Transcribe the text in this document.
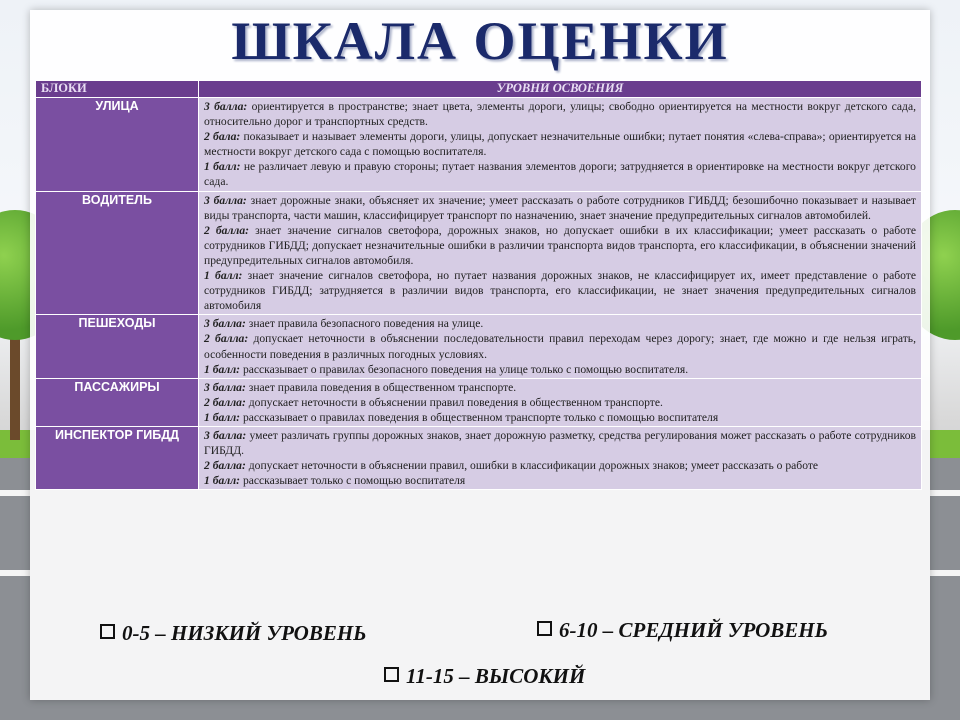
ШКАЛА ОЦЕНКИ
БЛОКИ	УРОВНИ ОСВОЕНИЯ
УЛИЦА	3 балла: ориентируется в пространстве; знает цвета, элементы дороги, улицы; свободно ориентируется на местности вокруг детского сада, относительно дорог и транспортных средств.
2 бала: показывает и называет элементы дороги, улицы, допускает незначительные ошибки; путает понятия «слева-справа»; ориентируется на местности вокруг детского сада с помощью воспитателя.
1 балл: не различает левую и правую стороны; путает названия элементов дороги; затрудняется в ориентировке на местности вокруг детского сада.

ВОДИТЕЛЬ	3 балла: знает дорожные знаки, объясняет их значение; умеет рассказать о работе сотрудников ГИБДД; безошибочно показывает и называет виды транспорта, части машин, классифицирует транспорт по назначению, знает значение предупредительных сигналов автомобилей.
2 балла: знает значение сигналов светофора, дорожных знаков, но допускает ошибки в их классификации; умеет рассказать о работе сотрудников ГИБДД; допускает незначительные ошибки в различии транспорта видов транспорта, его классификации, в объяснении значений предупредительных сигналов автомобиля.
1 балл: знает значение сигналов светофора, но путает названия дорожных знаков, не классифицирует их, имеет представление о работе сотрудников ГИБДД; затрудняется в различии видов транспорта, его классификации, не знает значения предупредительных сигналов автомобиля

ПЕШЕХОДЫ	3 балла: знает правила безопасного поведения на улице.
2 балла: допускает неточности в объяснении последовательности правил переходам через дорогу; знает, где можно и где нельзя играть, особенности поведения в различных погодных условиях.
1 балл: рассказывает о правилах безопасного поведения на улице только с помощью воспитателя.

ПАССАЖИРЫ	3 балла: знает правила поведения в общественном транспорте.
2 балла: допускает неточности в объяснении правил поведения в общественном транспорте.
1 балл: рассказывает о правилах поведения в общественном транспорте только с помощью воспитателя

ИНСПЕКТОР ГИБДД	3 балла: умеет различать группы дорожных знаков, знает дорожную разметку, средства регулирования может рассказать о работе сотрудников ГИБДД.
2 балла: допускает неточности в объяснении правил, ошибки в классификации дорожных знаков; умеет рассказать о работе
1 балл: рассказывает только с помощью воспитателя
0-5 – НИЗКИЙ УРОВЕНЬ	6-10 – СРЕДНИЙ УРОВЕНЬ
11-15 – ВЫСОКИЙ
